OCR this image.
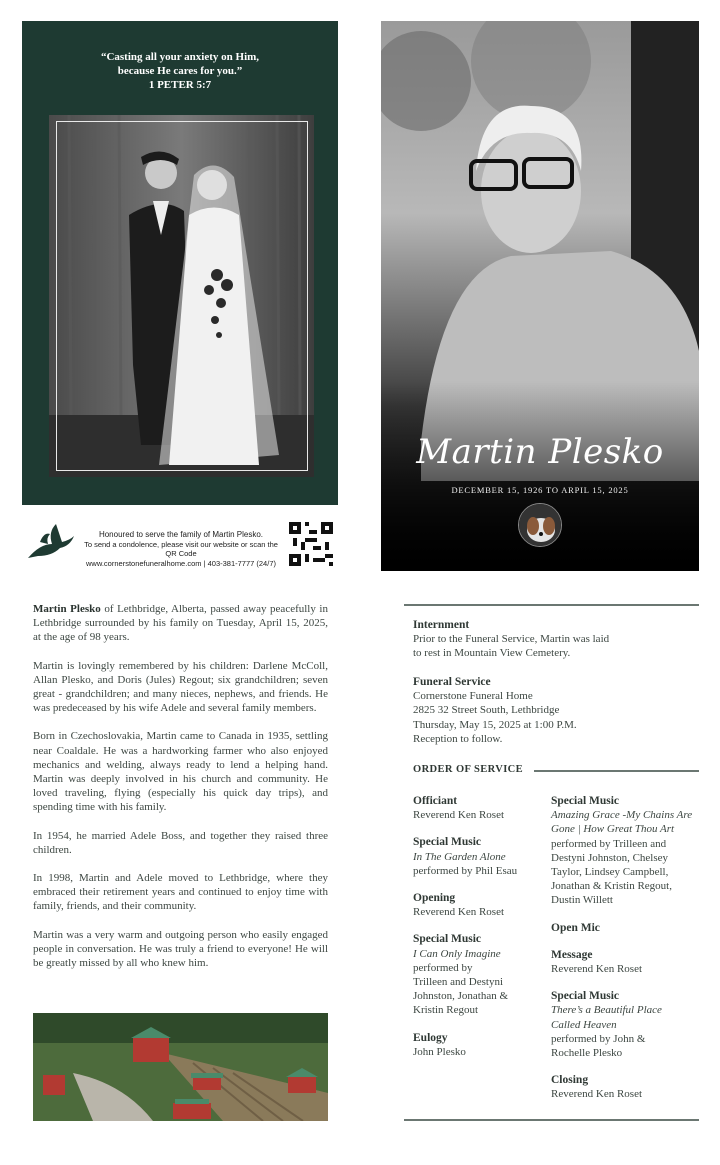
“Casting all your anxiety on Him,
because He cares for you.”
1 PETER 5:7
Honoured to serve the family of Martin Plesko.
To send a condolence, please visit our website or scan the QR Code
www.cornerstonefuneralhome.com | 403-381-7777 (24/7)
Martin Plesko
DECEMBER 15, 1926 TO ARPIL 15, 2025

Martin Plesko of Lethbridge, Alberta, passed away peacefully in Lethbridge surrounded by his family on Tuesday, April 15, 2025, at the age of 98 years.

Martin is lovingly remembered by his children: Darlene McColl, Allan Plesko, and Doris (Jules) Regout; six grandchildren; seven great - grandchildren; and many nieces, nephews, and friends. He was predeceased by his wife Adele and several family members.

Born in Czechoslovakia, Martin came to Canada in 1935, settling near Coaldale. He was a hardworking farmer who also enjoyed mechanics and welding, always ready to lend a helping hand. Martin was deeply involved in his church and community. He loved traveling, flying (especially his quick day trips), and spending time with his family.

In 1954, he married Adele Boss, and together they raised three children.

In 1998, Martin and Adele moved to Lethbridge, where they embraced their retirement years and continued to enjoy time with family, friends, and their community.

Martin was a very warm and outgoing person who easily engaged people in conversation. He was truly a friend to everyone! He will be greatly missed by all who knew him.

Internment
Prior to the Funeral Service, Martin was laid
to rest in Mountain View Cemetery.
Funeral Service
Cornerstone Funeral Home
2825 32 Street South, Lethbridge
Thursday, May 15, 2025 at 1:00 P.M.
Reception to follow.
ORDER OF SERVICE
Officiant
Reverend Ken Roset
Special Music
In The Garden Alone
performed by Phil Esau
Opening
Reverend Ken Roset
Special Music
I Can Only Imagine
performed by
Trilleen and Destyni
Johnston, Jonathan &
Kristin Regout
Eulogy
John Plesko
Special Music
Amazing Grace -My Chains Are
Gone | How Great Thou Art
performed by Trilleen and
Destyni Johnston, Chelsey
Taylor, Lindsey Campbell,
Jonathan & Kristin Regout,
Dustin Willett
Open Mic
Message
Reverend Ken Roset
Special Music
There’s a Beautiful Place
Called Heaven
performed by John &
Rochelle Plesko
Closing
Reverend Ken Roset
